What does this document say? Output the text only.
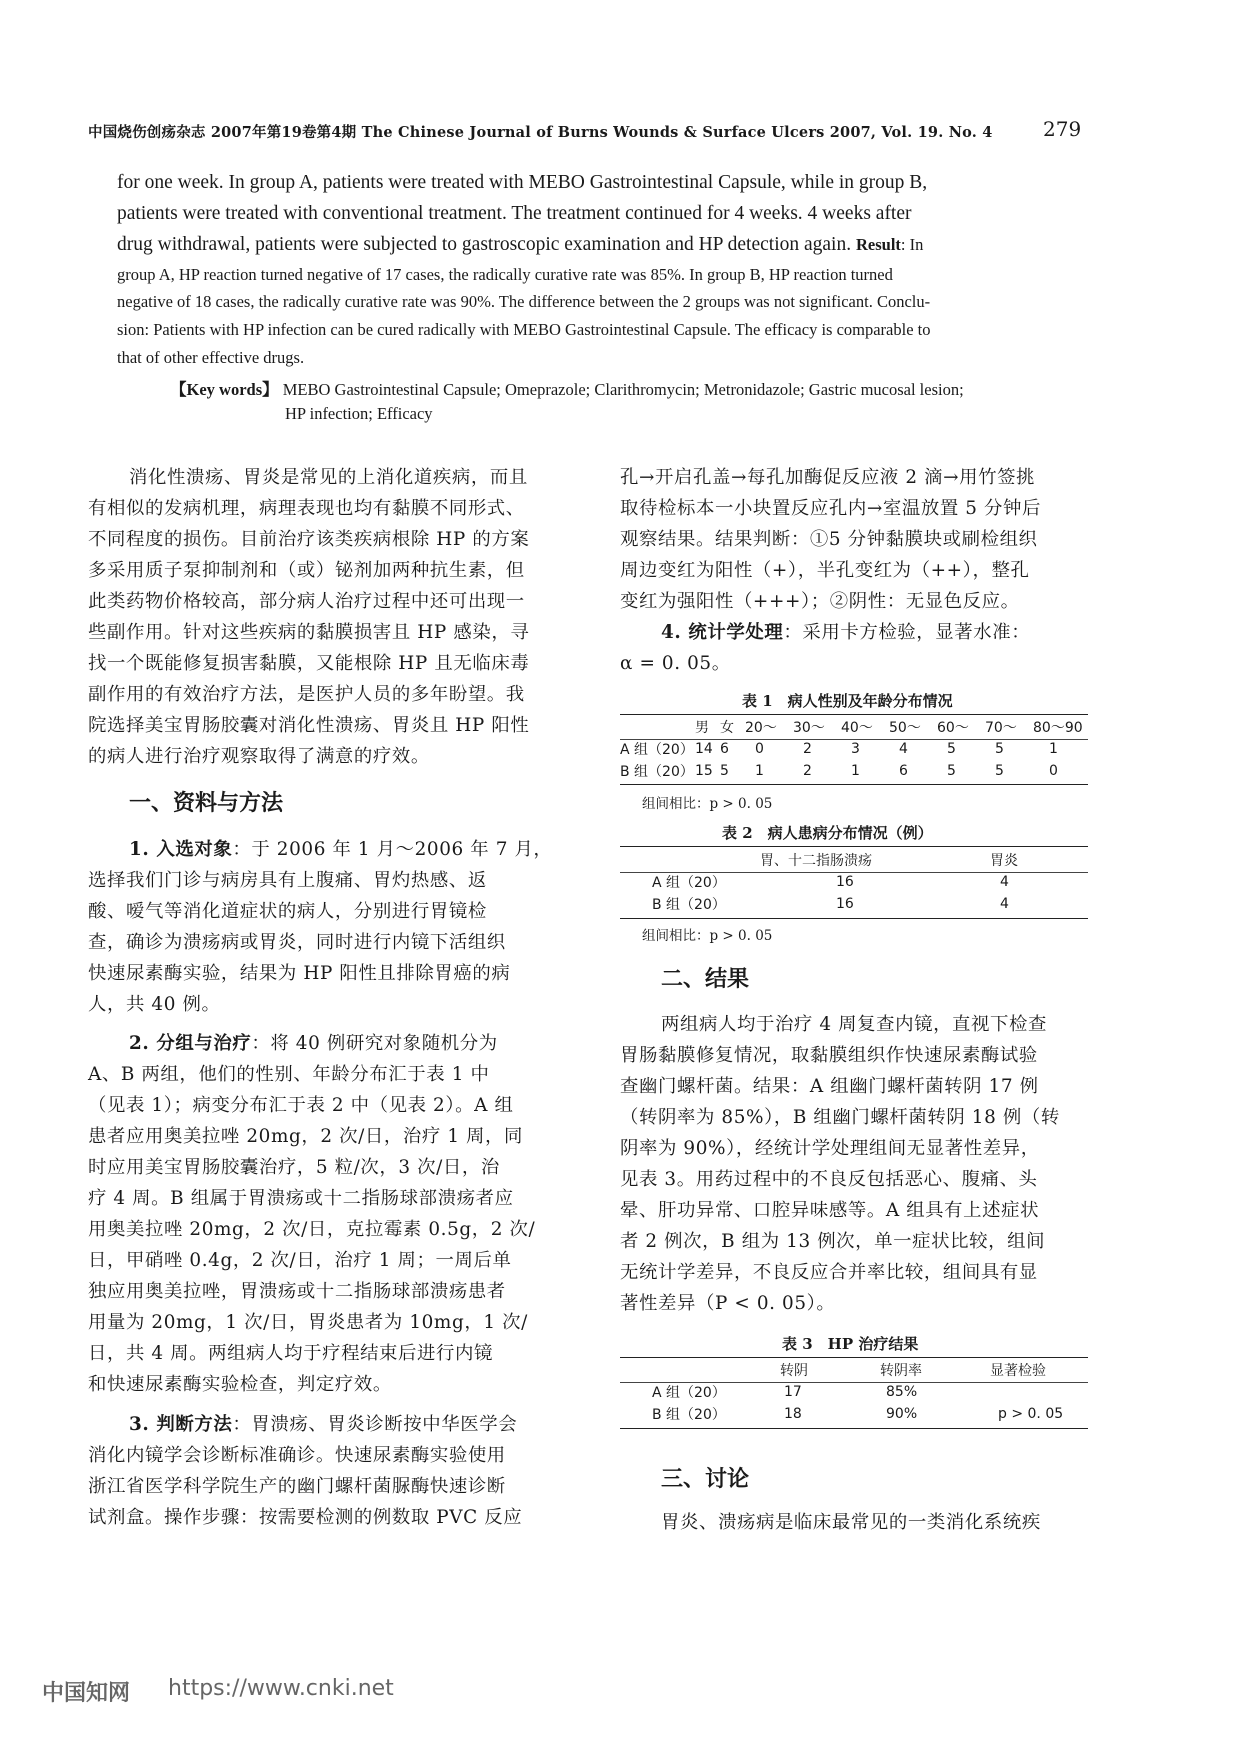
中国烧伤创疡杂志 2007年第19卷第4期 The Chinese Journal of Burns Wounds & Surface Ulcers 2007, Vol. 19. No. 4	279
for one week. In group A, patients were treated with MEBO Gastrointestinal Capsule, while in group B,
patients were treated with conventional treatment. The treatment continued for 4 weeks. 4 weeks after
drug withdrawal, patients were subjected to gastroscopic examination and HP detection again. Result: In
group A, HP reaction turned negative of 17 cases, the radically curative rate was 85%. In group B, HP reaction turned
negative of 18 cases, the radically curative rate was 90%. The difference between the 2 groups was not significant. Conclu-
sion: Patients with HP infection can be cured radically with MEBO Gastrointestinal Capsule. The efficacy is comparable to
that of other effective drugs.
【Key words】 MEBO Gastrointestinal Capsule; Omeprazole; Clarithromycin; Metronidazole; Gastric mucosal lesion;
HP infection; Efficacy
消化性溃疡、胃炎是常见的上消化道疾病，而且
有相似的发病机理，病理表现也均有黏膜不同形式、
不同程度的损伤。目前治疗该类疾病根除 HP 的方案
多采用质子泵抑制剂和（或）铋剂加两种抗生素，但
此类药物价格较高，部分病人治疗过程中还可出现一
些副作用。针对这些疾病的黏膜损害且 HP 感染，寻
找一个既能修复损害黏膜，又能根除 HP 且无临床毒
副作用的有效治疗方法，是医护人员的多年盼望。我
院选择美宝胃肠胶囊对消化性溃疡、胃炎且 HP 阳性
的病人进行治疗观察取得了满意的疗效。
一、资料与方法
1. 入选对象：于 2006 年 1 月～2006 年 7 月，
选择我们门诊与病房具有上腹痛、胃灼热感、返
酸、嗳气等消化道症状的病人，分别进行胃镜检
查，确诊为溃疡病或胃炎，同时进行内镜下活组织
快速尿素酶实验，结果为 HP 阳性且排除胃癌的病
人，共 40 例。
2. 分组与治疗：将 40 例研究对象随机分为
A、B 两组，他们的性别、年龄分布汇于表 1 中
（见表 1）；病变分布汇于表 2 中（见表 2）。A 组
患者应用奥美拉唑 20mg，2 次/日，治疗 1 周，同
时应用美宝胃肠胶囊治疗，5 粒/次，3 次/日，治
疗 4 周。B 组属于胃溃疡或十二指肠球部溃疡者应
用奥美拉唑 20mg，2 次/日，克拉霉素 0.5g，2 次/
日，甲硝唑 0.4g，2 次/日，治疗 1 周；一周后单
独应用奥美拉唑，胃溃疡或十二指肠球部溃疡患者
用量为 20mg，1 次/日，胃炎患者为 10mg，1 次/
日，共 4 周。两组病人均于疗程结束后进行内镜
和快速尿素酶实验检查，判定疗效。
3. 判断方法：胃溃疡、胃炎诊断按中华医学会
消化内镜学会诊断标准确诊。快速尿素酶实验使用
浙江省医学科学院生产的幽门螺杆菌脲酶快速诊断
试剂盒。操作步骤：按需要检测的例数取 PVC 反应
孔→开启孔盖→每孔加酶促反应液 2 滴→用竹签挑
取待检标本一小块置反应孔内→室温放置 5 分钟后
观察结果。结果判断：①5 分钟黏膜块或刷检组织
周边变红为阳性（+），半孔变红为（++），整孔
变红为强阳性（+++）；②阴性：无显色反应。
4. 统计学处理：采用卡方检验，显著水准：
α = 0. 05。
表 1　病人性别及年龄分布情况
	男	女	20～	30～	40～	50～	60～	70～	80～90
A 组（20）	14	6	0	2	3	4	5	5	1
B 组（20）	15	5	1	2	1	6	5	5	0
组间相比：p > 0. 05
表 2　病人患病分布情况（例）
	胃、十二指肠溃疡	胃炎
A 组（20）	16	4
B 组（20）	16	4
组间相比：p > 0. 05
二、结果
两组病人均于治疗 4 周复查内镜，直视下检查
胃肠黏膜修复情况，取黏膜组织作快速尿素酶试验
查幽门螺杆菌。结果：A 组幽门螺杆菌转阴 17 例
（转阴率为 85%），B 组幽门螺杆菌转阴 18 例（转
阴率为 90%），经统计学处理组间无显著性差异，
见表 3。用药过程中的不良反包括恶心、腹痛、头
晕、肝功异常、口腔异味感等。A 组具有上述症状
者 2 例次，B 组为 13 例次，单一症状比较，组间
无统计学差异，不良反应合并率比较，组间具有显
著性差异（P < 0. 05）。
表 3　HP 治疗结果
	转阴	转阴率	显著检验
A 组（20）	17	85%	
B 组（20）	18	90%	p > 0. 05
三、讨论
胃炎、溃疡病是临床最常见的一类消化系统疾
中国知网 https://www.cnki.net
